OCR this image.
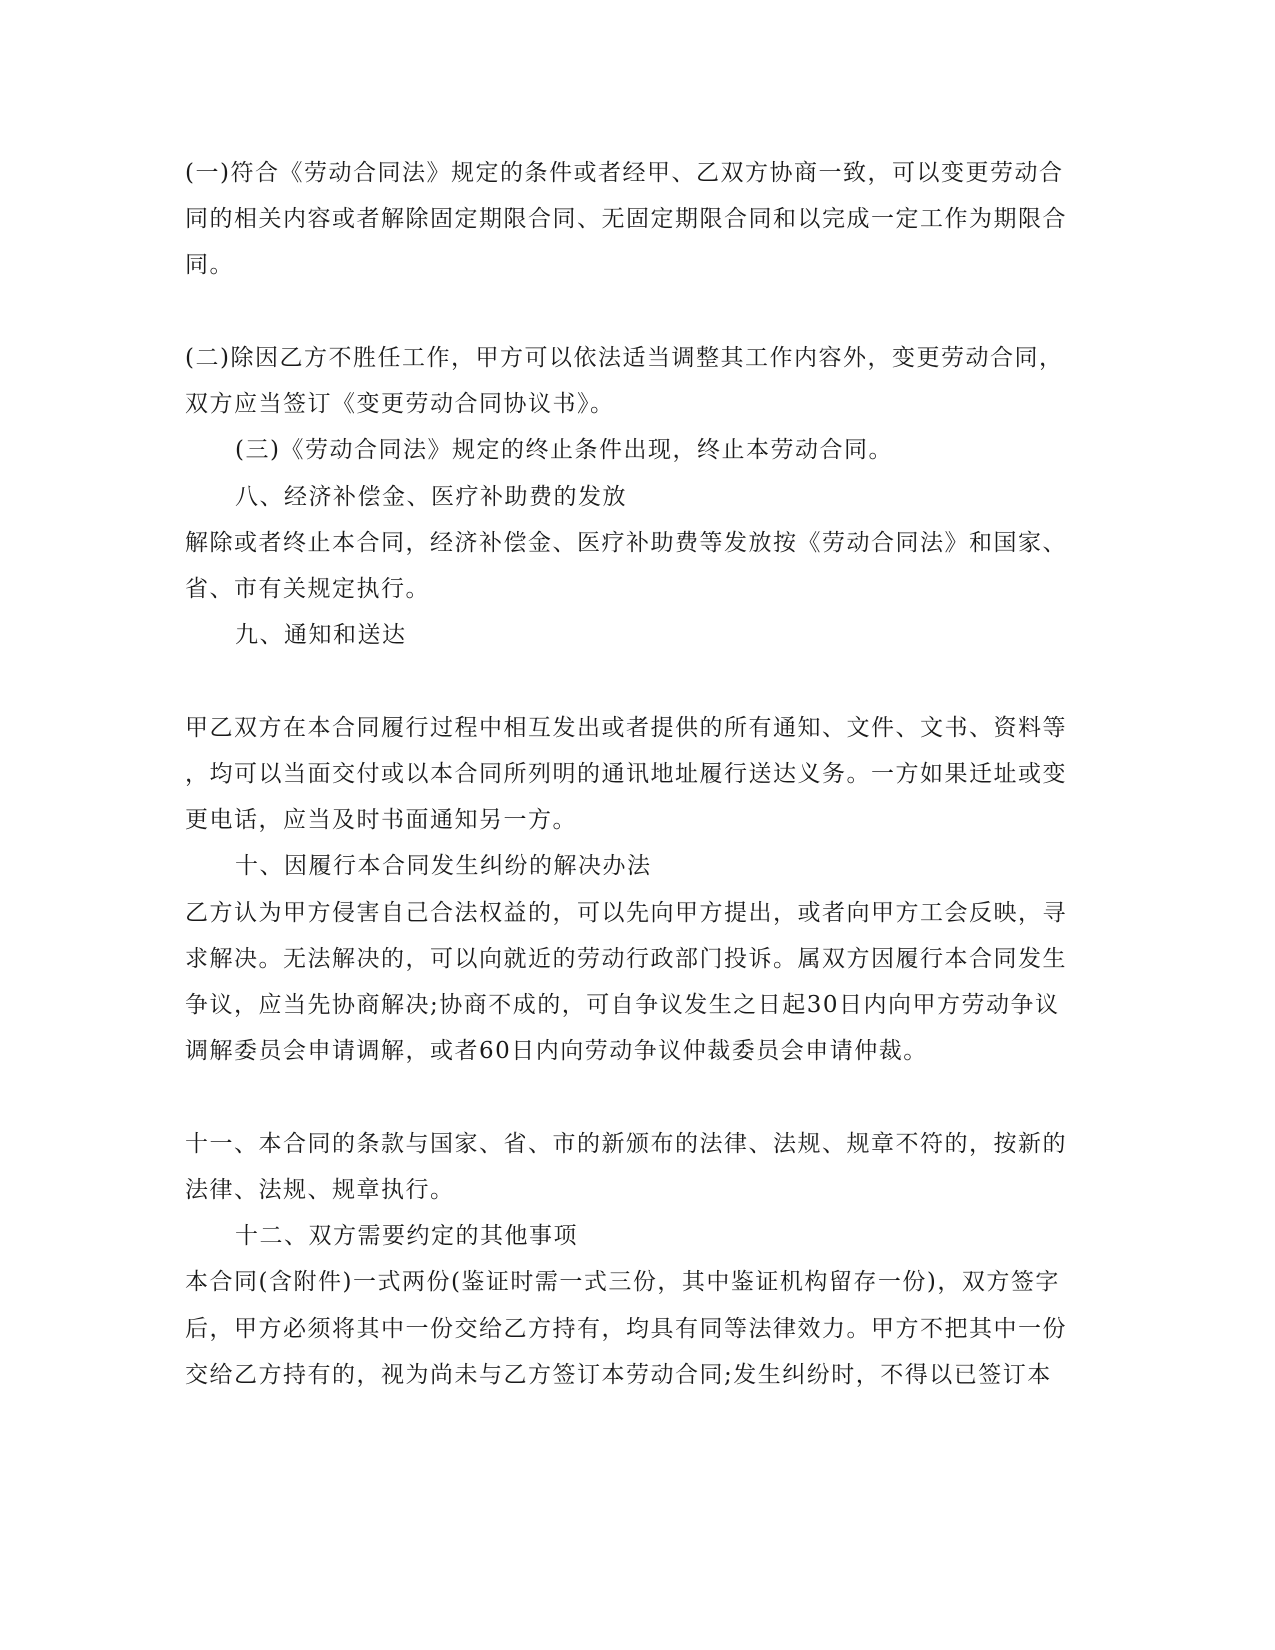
(一)符合《劳动合同法》规定的条件或者经甲、乙双方协商一致，可以变更劳动合
同的相关内容或者解除固定期限合同、无固定期限合同和以完成一定工作为期限合
同。
(二)除因乙方不胜任工作，甲方可以依法适当调整其工作内容外，变更劳动合同，
双方应当签订《变更劳动合同协议书》。
(三)《劳动合同法》规定的终止条件出现，终止本劳动合同。
八、经济补偿金、医疗补助费的发放
解除或者终止本合同，经济补偿金、医疗补助费等发放按《劳动合同法》和国家、
省、市有关规定执行。
九、通知和送达
甲乙双方在本合同履行过程中相互发出或者提供的所有通知、文件、文书、资料等
，均可以当面交付或以本合同所列明的通讯地址履行送达义务。一方如果迁址或变
更电话，应当及时书面通知另一方。
十、因履行本合同发生纠纷的解决办法
乙方认为甲方侵害自己合法权益的，可以先向甲方提出，或者向甲方工会反映，寻
求解决。无法解决的，可以向就近的劳动行政部门投诉。属双方因履行本合同发生
争议，应当先协商解决;协商不成的，可自争议发生之日起30日内向甲方劳动争议
调解委员会申请调解，或者60日内向劳动争议仲裁委员会申请仲裁。
十一、本合同的条款与国家、省、市的新颁布的法律、法规、规章不符的，按新的
法律、法规、规章执行。
十二、双方需要约定的其他事项
本合同(含附件)一式两份(鉴证时需一式三份，其中鉴证机构留存一份)，双方签字
后，甲方必须将其中一份交给乙方持有，均具有同等法律效力。甲方不把其中一份
交给乙方持有的，视为尚未与乙方签订本劳动合同;发生纠纷时，不得以已签订本
